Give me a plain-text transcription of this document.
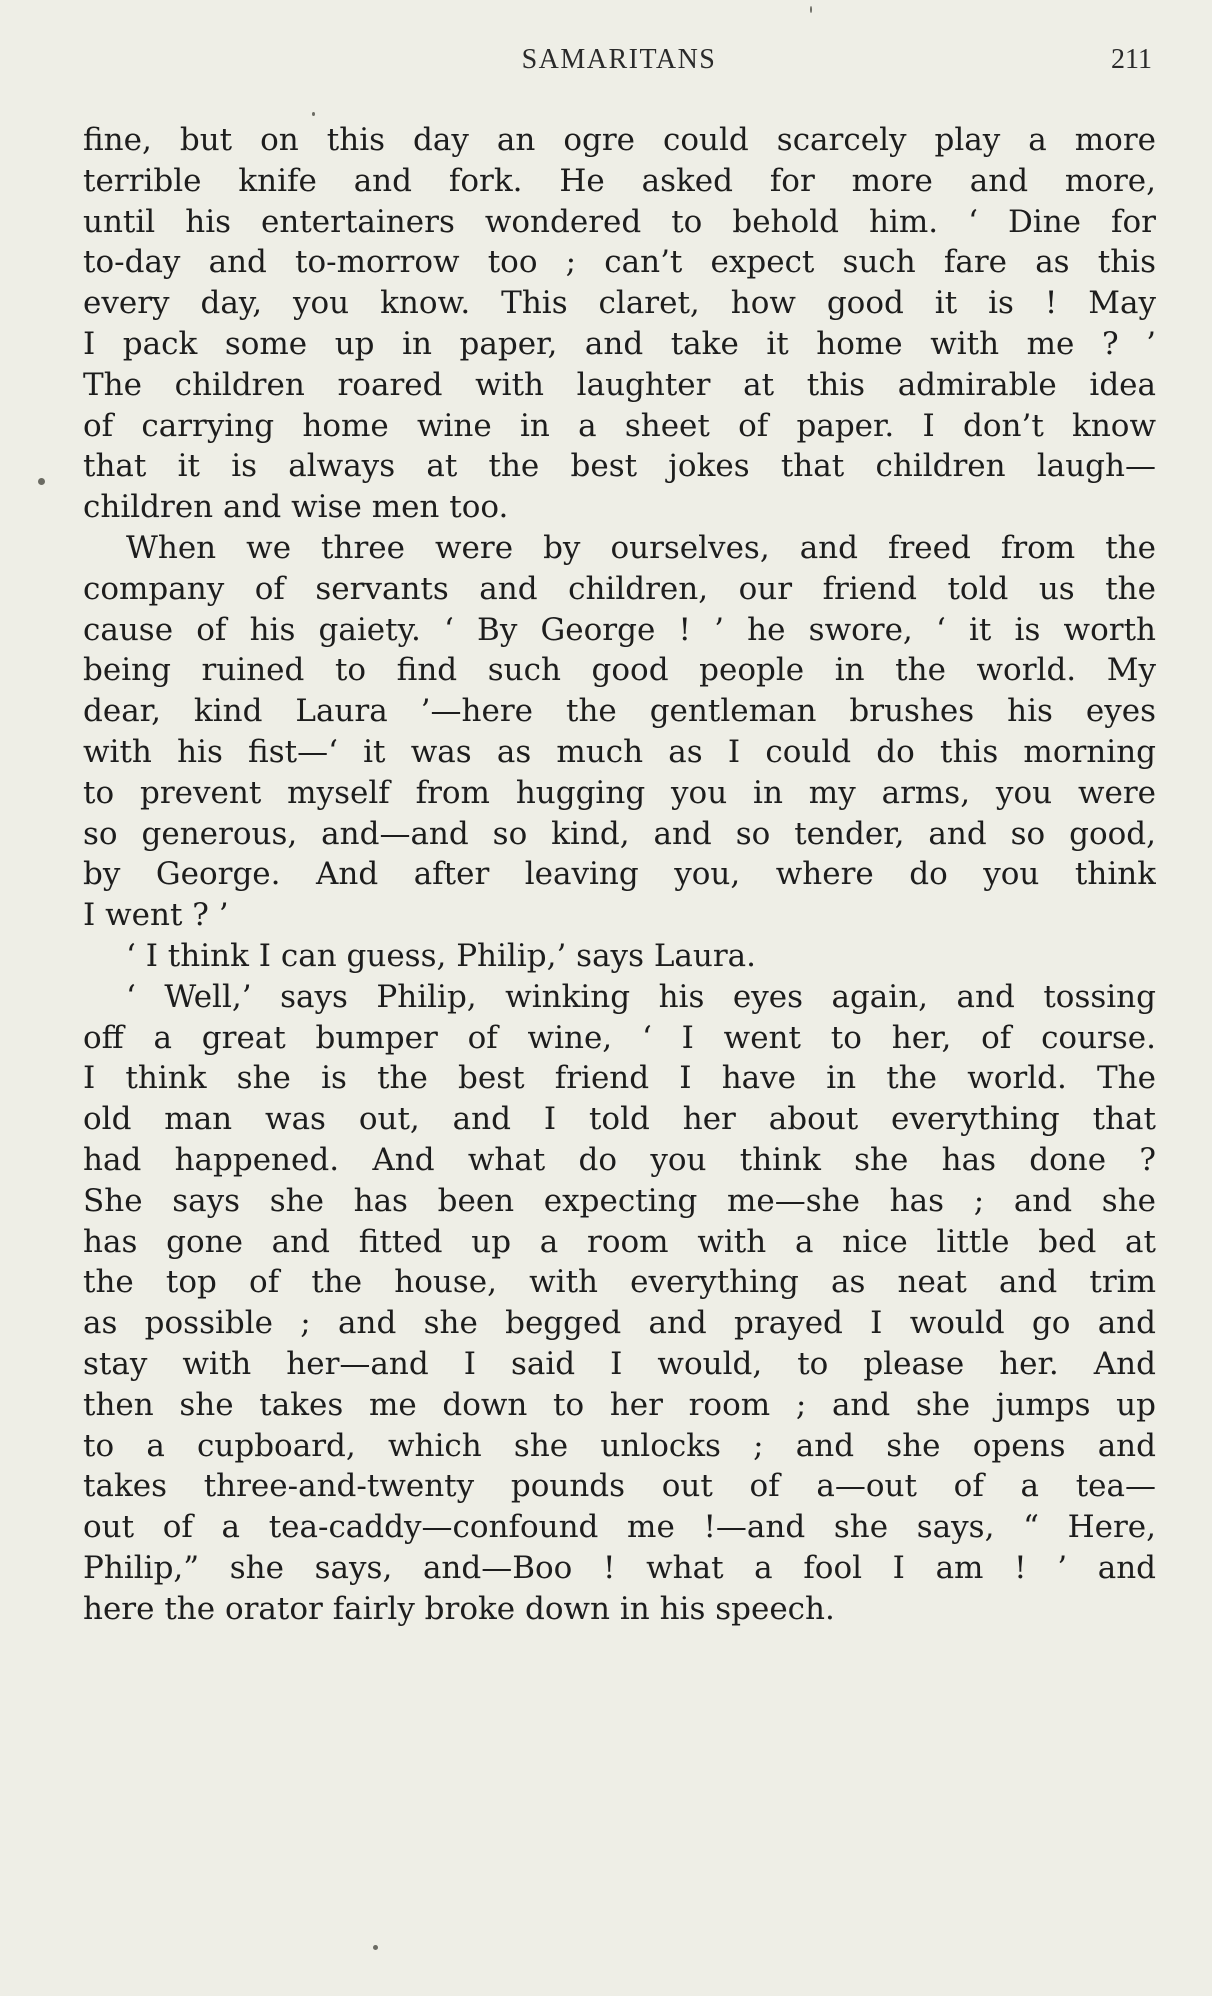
SAMARITANS	211
fine, but on this day an ogre could scarcely play a more
terrible knife and fork. He asked for more and more,
until his entertainers wondered to behold him. ‘ Dine for
to-day and to-morrow too ; can’t expect such fare as this
every day, you know. This claret, how good it is ! May
I pack some up in paper, and take it home with me ? ’
The children roared with laughter at this admirable idea
of carrying home wine in a sheet of paper. I don’t know
that it is always at the best jokes that children laugh—
children and wise men too.
When we three were by ourselves, and freed from the
company of servants and children, our friend told us the
cause of his gaiety. ‘ By George ! ’ he swore, ‘ it is worth
being ruined to find such good people in the world. My
dear, kind Laura ’—here the gentleman brushes his eyes
with his fist—‘ it was as much as I could do this morning
to prevent myself from hugging you in my arms, you were
so generous, and—and so kind, and so tender, and so good,
by George. And after leaving you, where do you think
I went ? ’
‘ I think I can guess, Philip,’ says Laura.
‘ Well,’ says Philip, winking his eyes again, and tossing
off a great bumper of wine, ‘ I went to her, of course.
I think she is the best friend I have in the world. The
old man was out, and I told her about everything that
had happened. And what do you think she has done ?
She says she has been expecting me—she has ; and she
has gone and fitted up a room with a nice little bed at
the top of the house, with everything as neat and trim
as possible ; and she begged and prayed I would go and
stay with her—and I said I would, to please her. And
then she takes me down to her room ; and she jumps up
to a cupboard, which she unlocks ; and she opens and
takes three-and-twenty pounds out of a—out of a tea—
out of a tea-caddy—confound me !—and she says, “ Here,
Philip,” she says, and—Boo ! what a fool I am ! ’ and
here the orator fairly broke down in his speech.
